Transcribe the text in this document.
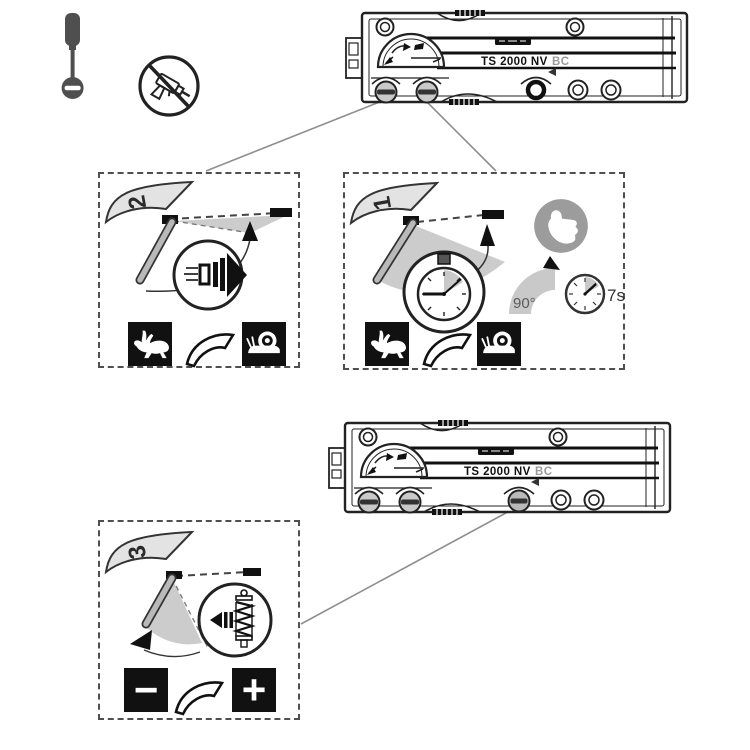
TS 2000 NV BC
2	1
90°	7s
TS 2000 NV BC
3
− +
